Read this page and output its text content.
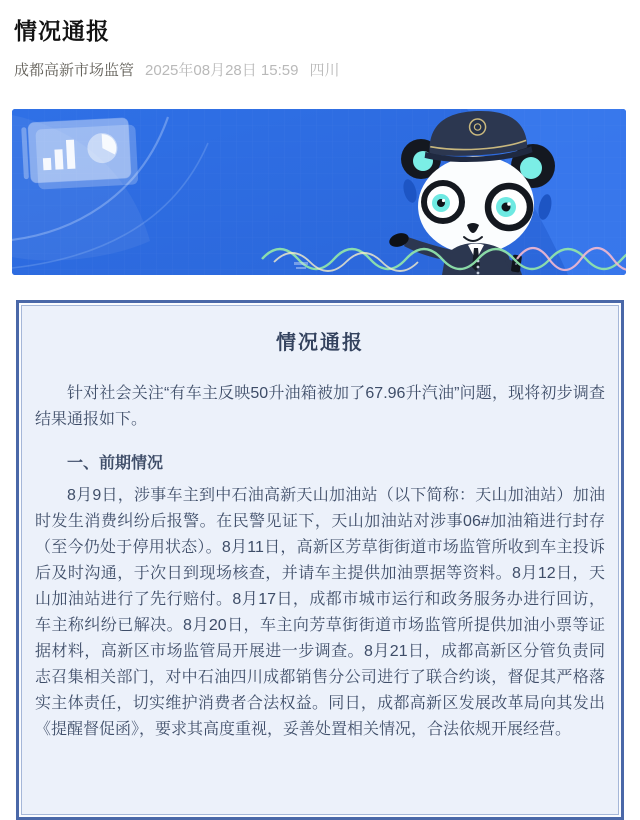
情况通报
成都高新市场监管 2025年08月28日 15:59 四川
情况通报

针对社会关注“有车主反映50升油箱被加了67.96升汽油”问题，现将初步调查结果通报如下。

一、前期情况

8月9日，涉事车主到中石油高新天山加油站（以下简称：天山加油站）加油时发生消费纠纷后报警。在民警见证下，天山加油站对涉事06#加油箱进行封存（至今仍处于停用状态）。8月11日，高新区芳草街街道市场监管所收到车主投诉后及时沟通，于次日到现场核查，并请车主提供加油票据等资料。8月12日，天山加油站进行了先行赔付。8月17日，成都市城市运行和政务服务办进行回访，车主称纠纷已解决。8月20日，车主向芳草街街道市场监管所提供加油小票等证据材料，高新区市场监管局开展进一步调查。8月21日，成都高新区分管负责同志召集相关部门，对中石油四川成都销售分公司进行了联合约谈，督促其严格落实主体责任，切实维护消费者合法权益。同日，成都高新区发展改革局向其发出《提醒督促函》，要求其高度重视，妥善处置相关情况，合法依规开展经营。
